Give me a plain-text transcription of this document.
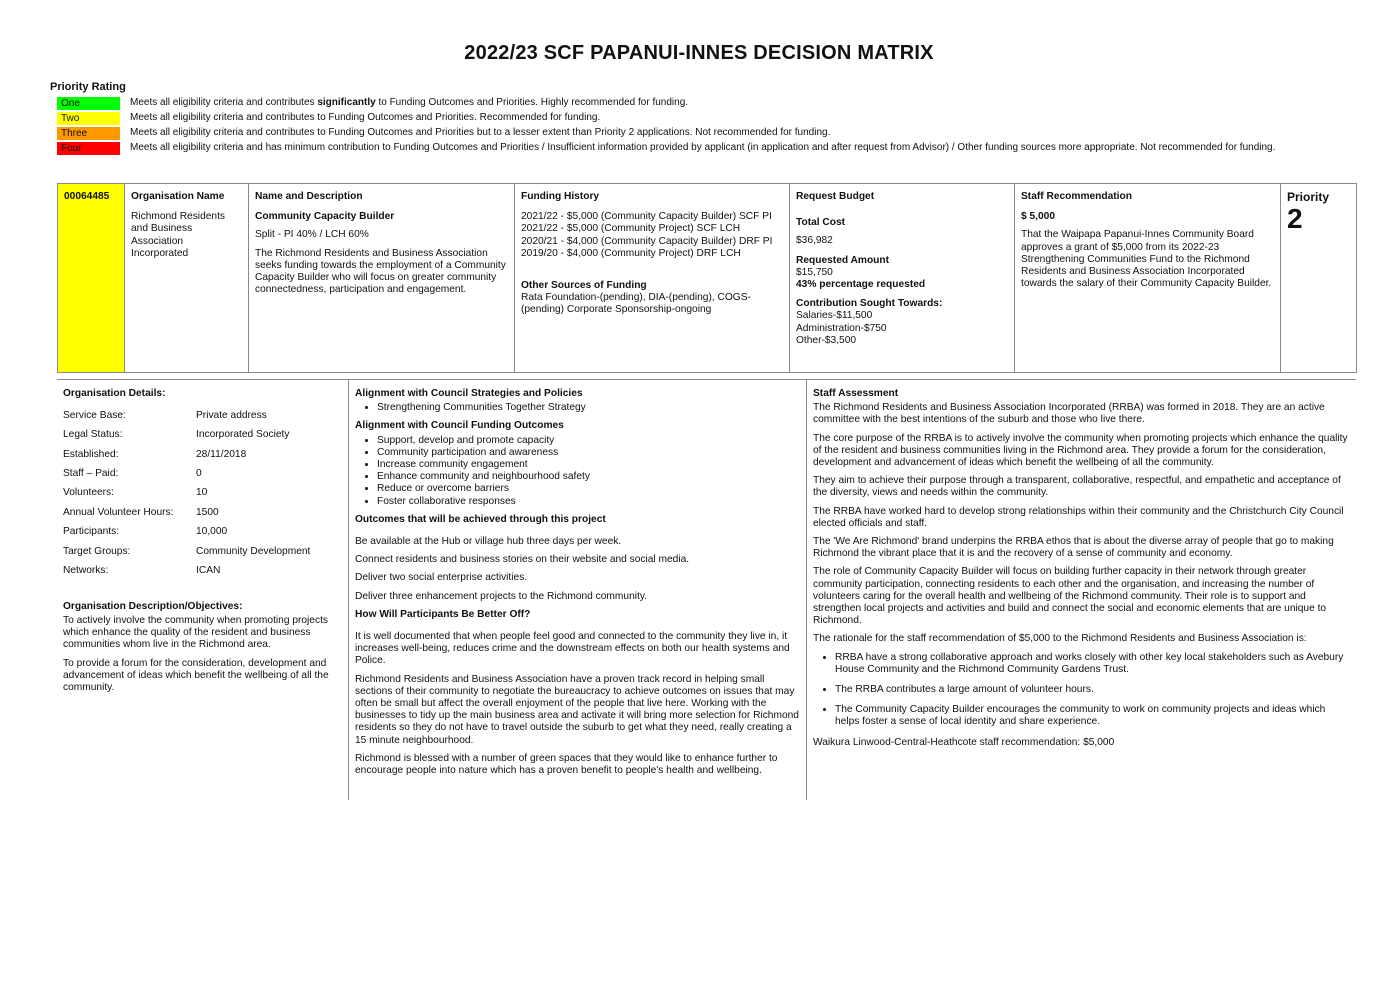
2022/23 SCF PAPANUI-INNES DECISION MATRIX
Priority Rating
One	Meets all eligibility criteria and contributes significantly to Funding Outcomes and Priorities. Highly recommended for funding.
Two	Meets all eligibility criteria and contributes to Funding Outcomes and Priorities. Recommended for funding.
Three	Meets all eligibility criteria and contributes to Funding Outcomes and Priorities but to a lesser extent than Priority 2 applications. Not recommended for funding.
Four	Meets all eligibility criteria and has minimum contribution to Funding Outcomes and Priorities / Insufficient information provided by applicant (in application and after request from Advisor) / Other funding sources more appropriate. Not recommended for funding.
00064485	Organisation Name
Richmond Residents and Business Association Incorporated

Name and Description

Community Capacity Builder

Split - PI 40% / LCH 60%

The Richmond Residents and Business Association seeks funding towards the employment of a Community Capacity Builder who will focus on greater community connectedness, participation and engagement.

Funding History
2021/22 - $5,000 (Community Capacity Builder) SCF PI
2021/22 - $5,000 (Community Project) SCF LCH
2020/21 - $4,000 (Community Capacity Builder) DRF PI
2019/20 - $4,000 (Community Project) DRF LCH
Other Sources of Funding
Rata Foundation-(pending), DIA-(pending), COGS-(pending) Corporate Sponsorship-ongoing

Request Budget
Total Cost
$36,982
Requested Amount
$15,750
43% percentage requested
Contribution Sought Towards:
Salaries-$11,500
Administration-$750
Other-$3,500

Staff Recommendation

$ 5,000

That the Waipapa Papanui-Innes Community Board approves a grant of $5,000 from its 2022-23 Strengthening Communities Fund to the Richmond Residents and Business Association Incorporated towards the salary of their Community Capacity Builder.

Priority
2
Organisation Details:
Service Base:	Private address
Legal Status:	Incorporated Society
Established:	28/11/2018
Staff – Paid:	0
Volunteers:	10
Annual Volunteer Hours:	1500
Participants:	10,000
Target Groups:	Community Development
Networks:	ICAN
Organisation Description/Objectives:

To actively involve the community when promoting projects which enhance the quality of the resident and business communities whom live in the Richmond area.

To provide a forum for the consideration, development and advancement of ideas which benefit the wellbeing of all the community.

Alignment with Council Strategies and Policies
• Strengthening Communities Together Strategy
Alignment with Council Funding Outcomes
• Support, develop and promote capacity
• Community participation and awareness
• Increase community engagement
• Enhance community and neighbourhood safety
• Reduce or overcome barriers
• Foster collaborative responses
Outcomes that will be achieved through this project

Be available at the Hub or village hub three days per week.

Connect residents and business stories on their website and social media.

Deliver two social enterprise activities.

Deliver three enhancement projects to the Richmond community.

How Will Participants Be Better Off?

It is well documented that when people feel good and connected to the community they live in, it increases well-being, reduces crime and the downstream effects on both our health systems and Police.

Richmond Residents and Business Association have a proven track record in helping small sections of their community to negotiate the bureaucracy to achieve outcomes on issues that may often be small but affect the overall enjoyment of the people that live here. Working with the businesses to tidy up the main business area and activate it will bring more selection for Richmond residents so they do not have to travel outside the suburb to get what they need, really creating a 15 minute neighbourhood.

Richmond is blessed with a number of green spaces that they would like to enhance further to encourage people into nature which has a proven benefit to people's health and wellbeing.

Staff Assessment

The Richmond Residents and Business Association Incorporated (RRBA) was formed in 2018. They are an active committee with the best intentions of the suburb and those who live there.

The core purpose of the RRBA is to actively involve the community when promoting projects which enhance the quality of the resident and business communities living in the Richmond area. They provide a forum for the consideration, development and advancement of ideas which benefit the wellbeing of all the community.

They aim to achieve their purpose through a transparent, collaborative, respectful, and empathetic and acceptance of the diversity, views and needs within the community.

The RRBA have worked hard to develop strong relationships within their community and the Christchurch City Council elected officials and staff.

The 'We Are Richmond' brand underpins the RRBA ethos that is about the diverse array of people that go to making Richmond the vibrant place that it is and the recovery of a sense of community and economy.

The role of Community Capacity Builder will focus on building further capacity in their network through greater community participation, connecting residents to each other and the organisation, and increasing the number of volunteers caring for the overall health and wellbeing of the Richmond community. Their role is to support and strengthen local projects and activities and build and connect the social and economic elements that are unique to Richmond.

The rationale for the staff recommendation of $5,000 to the Richmond Residents and Business Association is:

• RRBA have a strong collaborative approach and works closely with other key local stakeholders such as Avebury House Community and the Richmond Community Gardens Trust.
• The RRBA contributes a large amount of volunteer hours.
• The Community Capacity Builder encourages the community to work on community projects and ideas which helps foster a sense of local identity and share experience.

Waikura Linwood-Central-Heathcote staff recommendation: $5,000
